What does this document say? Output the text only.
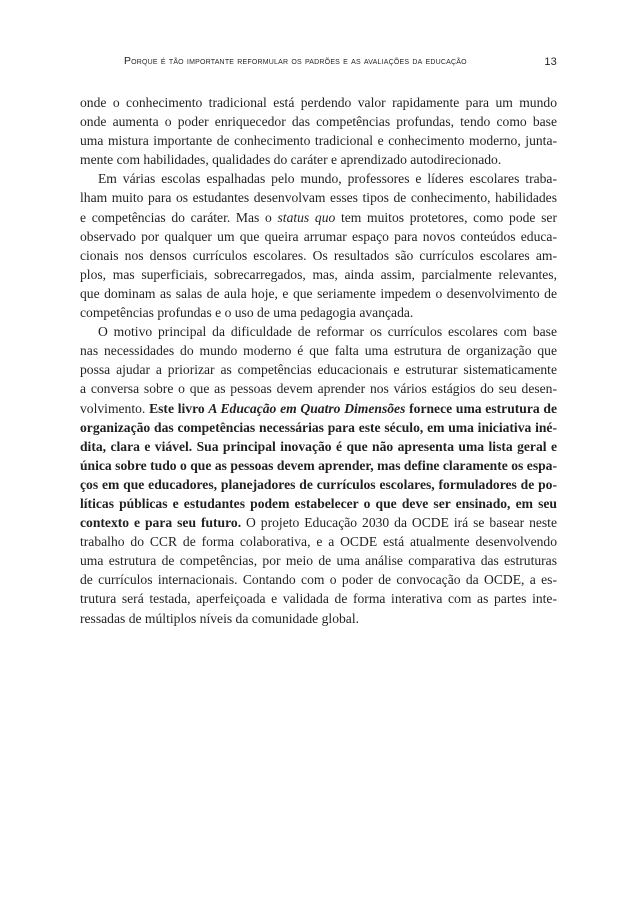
Porque é tão importante reformular os padrões e as avaliações da educação	13
onde o conhecimento tradicional está perdendo valor rapidamente para um mundo
onde aumenta o poder enriquecedor das competências profundas, tendo como base
uma mistura importante de conhecimento tradicional e conhecimento moderno, junta-
mente com habilidades, qualidades do caráter e aprendizado autodirecionado.
Em várias escolas espalhadas pelo mundo, professores e líderes escolares traba-
lham muito para os estudantes desenvolvam esses tipos de conhecimento, habilidades
e competências do caráter. Mas o status quo tem muitos protetores, como pode ser
observado por qualquer um que queira arrumar espaço para novos conteúdos educa-
cionais nos densos currículos escolares. Os resultados são currículos escolares am-
plos, mas superficiais, sobrecarregados, mas, ainda assim, parcialmente relevantes,
que dominam as salas de aula hoje, e que seriamente impedem o desenvolvimento de
competências profundas e o uso de uma pedagogia avançada.
O motivo principal da dificuldade de reformar os currículos escolares com base
nas necessidades do mundo moderno é que falta uma estrutura de organização que
possa ajudar a priorizar as competências educacionais e estruturar sistematicamente
a conversa sobre o que as pessoas devem aprender nos vários estágios do seu desen-
volvimento. Este livro A Educação em Quatro Dimensões fornece uma estrutura de
organização das competências necessárias para este século, em uma iniciativa iné-
dita, clara e viável. Sua principal inovação é que não apresenta uma lista geral e
única sobre tudo o que as pessoas devem aprender, mas define claramente os espa-
ços em que educadores, planejadores de currículos escolares, formuladores de po-
líticas públicas e estudantes podem estabelecer o que deve ser ensinado, em seu
contexto e para seu futuro. O projeto Educação 2030 da OCDE irá se basear neste
trabalho do CCR de forma colaborativa, e a OCDE está atualmente desenvolvendo
uma estrutura de competências, por meio de uma análise comparativa das estruturas
de currículos internacionais. Contando com o poder de convocação da OCDE, a es-
trutura será testada, aperfeiçoada e validada de forma interativa com as partes inte-
ressadas de múltiplos níveis da comunidade global.
